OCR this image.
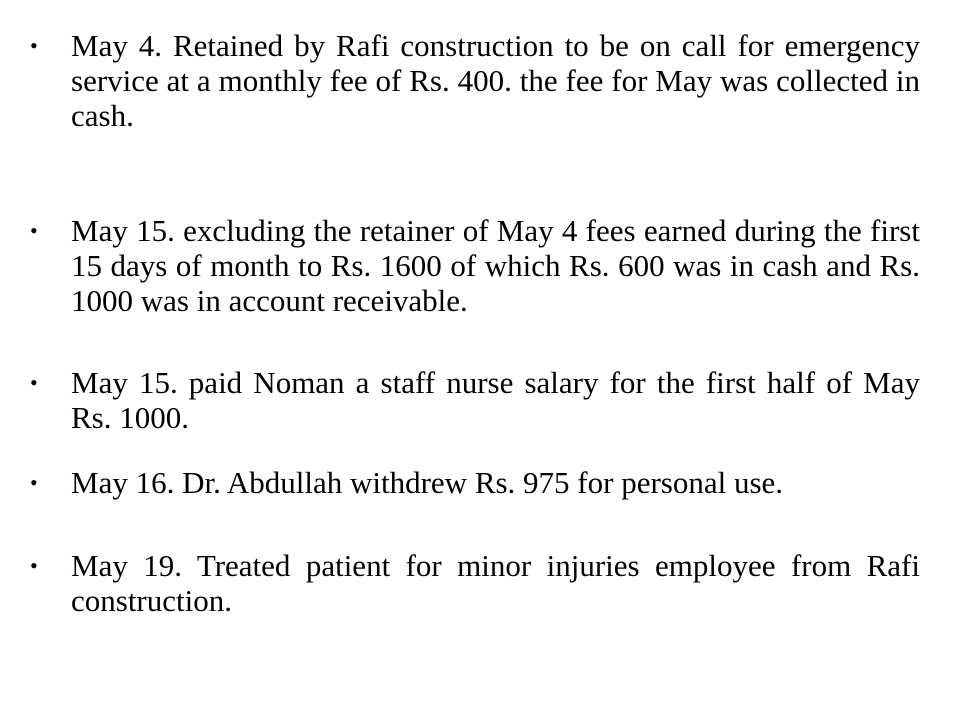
•	May 4. Retained by Rafi construction to be on call for emergency service at a monthly fee of Rs. 400. the fee for May was collected in cash.
•	May 15. excluding the retainer of May 4 fees earned during the first 15 days of month to Rs. 1600 of which Rs. 600 was in cash and Rs. 1000 was in account receivable.
•	May 15. paid Noman a staff nurse salary for the first half of May Rs. 1000.
•	May 16. Dr. Abdullah withdrew Rs. 975 for personal use.
•	May 19. Treated patient for minor injuries employee from Rafi construction.
